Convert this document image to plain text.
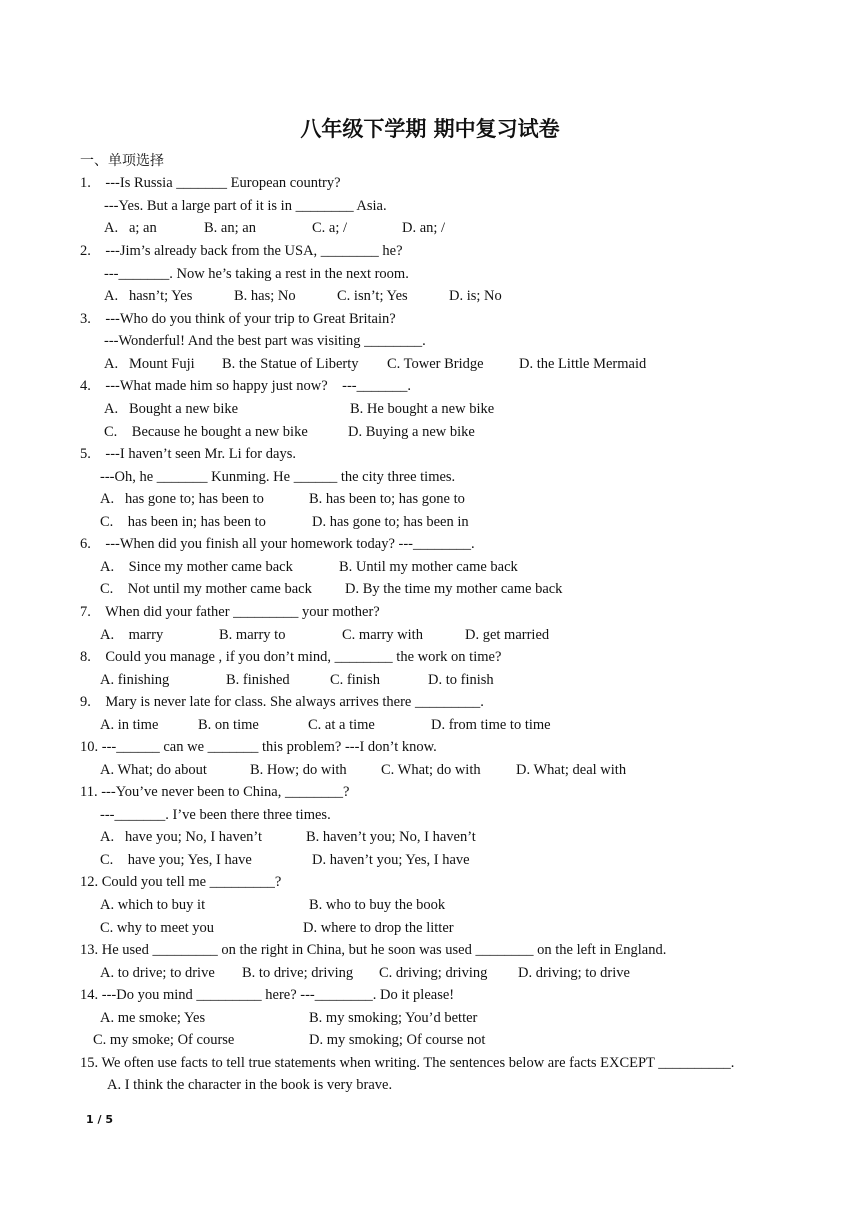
八年级下学期 期中复习试卷
一、单项选择
1.    ---Is Russia _______ European country?
---Yes. But a large part of it is in ________ Asia.
A.   a; an	B. an; an	C. a; /	D. an; /
2.    ---Jim’s already back from the USA, ________ he?
---_______. Now he’s taking a rest in the next room.
A.   hasn’t; Yes	B. has; No	C. isn’t; Yes	D. is; No
3.    ---Who do you think of your trip to Great Britain?
---Wonderful! And the best part was visiting ________.
A.   Mount Fuji B. the Statue of Liberty C. Tower Bridge D. the Little Mermaid
4.    ---What made him so happy just now?    ---_______.
A.   Bought a new bike	B. He bought a new bike
C.    Because he bought a new bike	D. Buying a new bike
5.    ---I haven’t seen Mr. Li for days.
---Oh, he _______ Kunming. He ______ the city three times.
A.   has gone to; has been to	B. has been to; has gone to
C.    has been in; has been to	D. has gone to; has been in
6.    ---When did you finish all your homework today? ---________.
A.    Since my mother came back	B. Until my mother came back
C.    Not until my mother came back D. By the time my mother came back
7.    When did your father _________ your mother?
A.    marry	B. marry to	C. marry with	D. get married
8.    Could you manage , if you don’t mind, ________ the work on time?
A. finishing	B. finished	C. finish	D. to finish
9.    Mary is never late for class. She always arrives there _________.
A. in time	B. on time	C. at a time	D. from time to time
10. ---______ can we _______ this problem? ---I don’t know.
A. What; do about	B. How; do with C. What; do with D. What; deal with
11. ---You’ve never been to China, ________?
---_______. I’ve been there three times.
A.   have you; No, I haven’t	B. haven’t you; No, I haven’t
C.    have you; Yes, I have	D. haven’t you; Yes, I have
12. Could you tell me _________?
A. which to buy it	B. who to buy the book
C. why to meet you	D. where to drop the litter
13. He used _________ on the right in China, but he soon was used ________ on the left in England.
A. to drive; to drive B. to drive; driving C. driving; driving D. driving; to drive
14. ---Do you mind _________ here? ---________. Do it please!
A. me smoke; Yes	B. my smoking; You’d better
C. my smoke; Of course	D. my smoking; Of course not
15. We often use facts to tell true statements when writing. The sentences below are facts EXCEPT __________.
A. I think the character in the book is very brave.
1 / 5
